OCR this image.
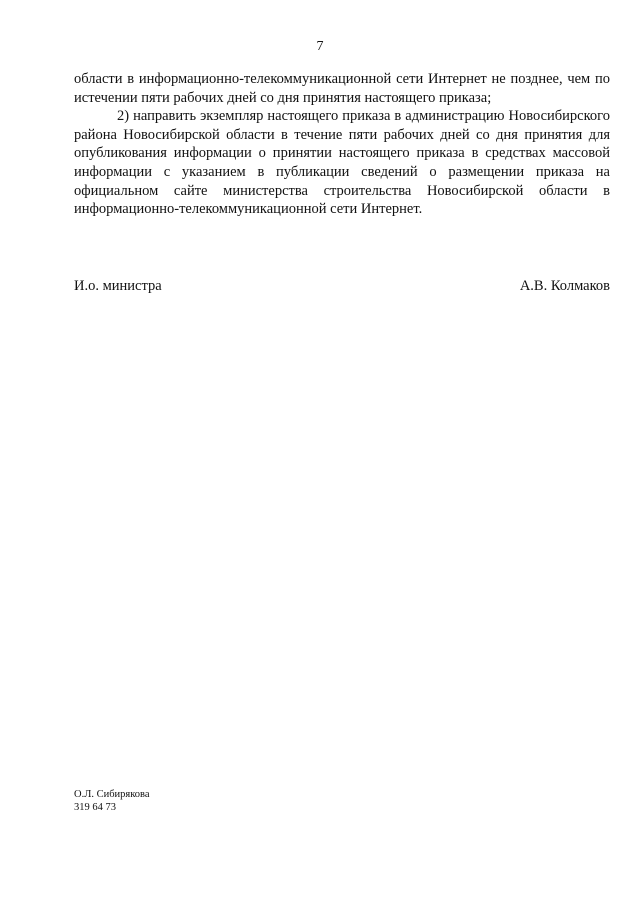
7

области в информационно-телекоммуникационной сети Интернет не позднее, чем по истечении пяти рабочих дней со дня принятия настоящего приказа;

2) направить экземпляр настоящего приказа в администрацию Новосибирского района Новосибирской области в течение пяти рабочих дней со дня принятия для опубликования информации о принятии настоящего приказа в средствах массовой информации с указанием в публикации сведений о размещении приказа на официальном сайте министерства строительства Новосибирской области в информационно-телекоммуникационной сети Интернет.

И.о. министра	А.В. Колмаков
О.Л. Сибирякова
319 64 73
